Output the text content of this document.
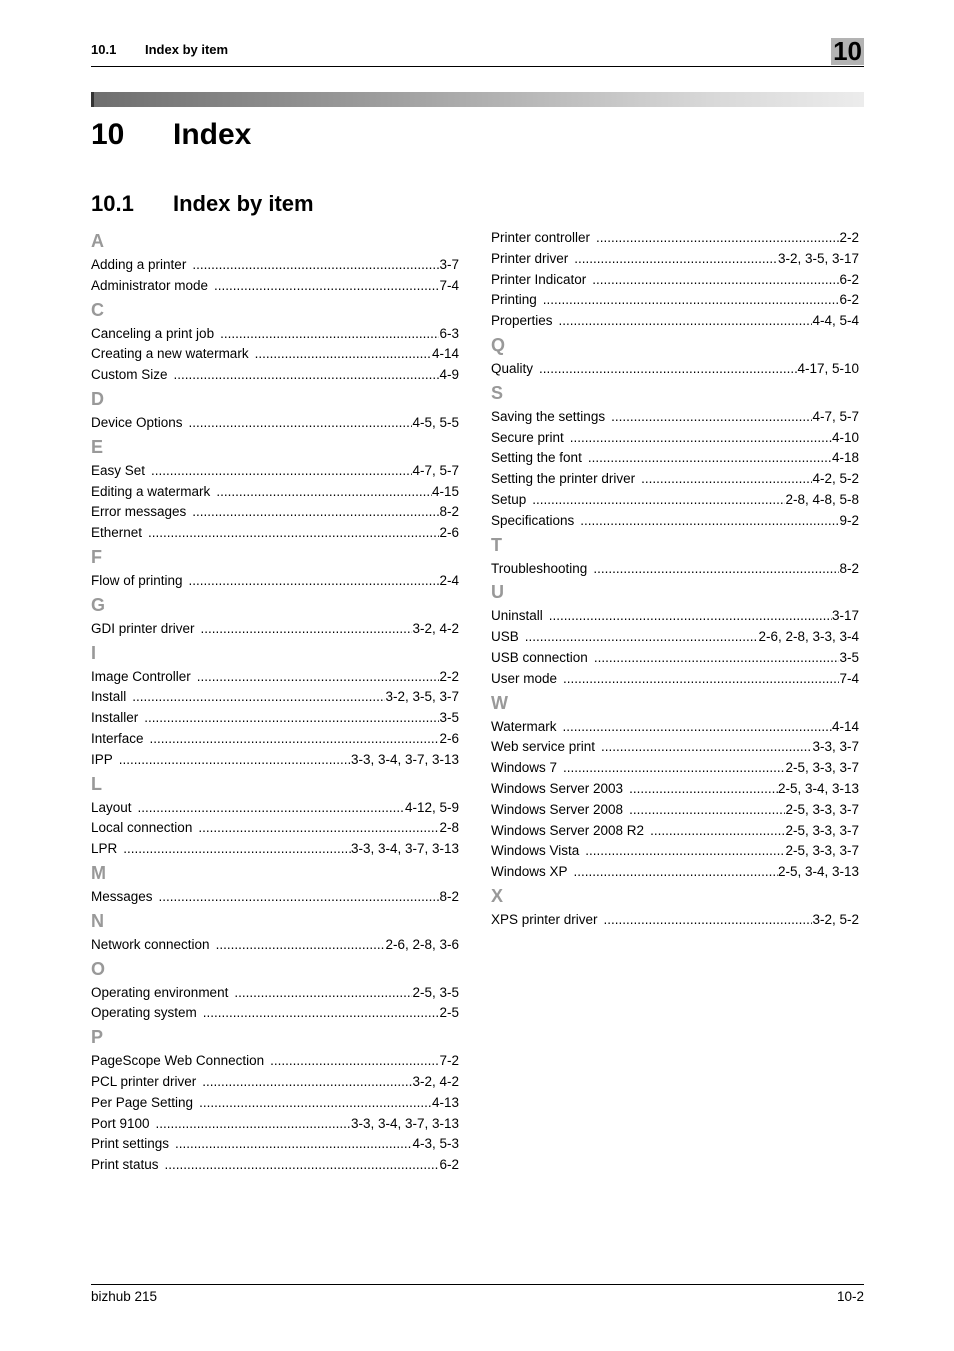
10.1 Index by item	10
10 Index
10.1 Index by item
A
Adding a printer .....	3-7
Administrator mode .....	7-4
C
Canceling a print job .....	6-3
Creating a new watermark .....	4-14
Custom Size .....	4-9
D
Device Options .....	4-5, 5-5
E
Easy Set .....	4-7, 5-7
Editing a watermark .....	4-15
Error messages .....	8-2
Ethernet .....	2-6
F
Flow of printing .....	2-4
G
GDI printer driver .....	3-2, 4-2
I
Image Controller .....	2-2
Install .....	3-2, 3-5, 3-7
Installer .....	3-5
Interface .....	2-6
IPP .....	3-3, 3-4, 3-7, 3-13
L
Layout .....	4-12, 5-9
Local connection .....	2-8
LPR .....	3-3, 3-4, 3-7, 3-13
M
Messages .....	8-2
N
Network connection .....	2-6, 2-8, 3-6
O
Operating environment .....	2-5, 3-5
Operating system .....	2-5
P
PageScope Web Connection .....	7-2
PCL printer driver .....	3-2, 4-2
Per Page Setting .....	4-13
Port 9100 .....	3-3, 3-4, 3-7, 3-13
Print settings .....	4-3, 5-3
Print status .....	6-2
Printer controller .....	2-2
Printer driver .....	3-2, 3-5, 3-17
Printer Indicator .....	6-2
Printing .....	6-2
Properties .....	4-4, 5-4
Q
Quality .....	4-17, 5-10
S
Saving the settings .....	4-7, 5-7
Secure print .....	4-10
Setting the font .....	4-18
Setting the printer driver .....	4-2, 5-2
Setup .....	2-8, 4-8, 5-8
Specifications .....	9-2
T
Troubleshooting .....	8-2
U
Uninstall .....	3-17
USB .....	2-6, 2-8, 3-3, 3-4
USB connection .....	3-5
User mode .....	7-4
W
Watermark .....	4-14
Web service print .....	3-3, 3-7
Windows 7 .....	2-5, 3-3, 3-7
Windows Server 2003 .....	2-5, 3-4, 3-13
Windows Server 2008 .....	2-5, 3-3, 3-7
Windows Server 2008 R2 .....	2-5, 3-3, 3-7
Windows Vista .....	2-5, 3-3, 3-7
Windows XP .....	2-5, 3-4, 3-13
X
XPS printer driver .....	3-2, 5-2
bizhub 215	10-2
